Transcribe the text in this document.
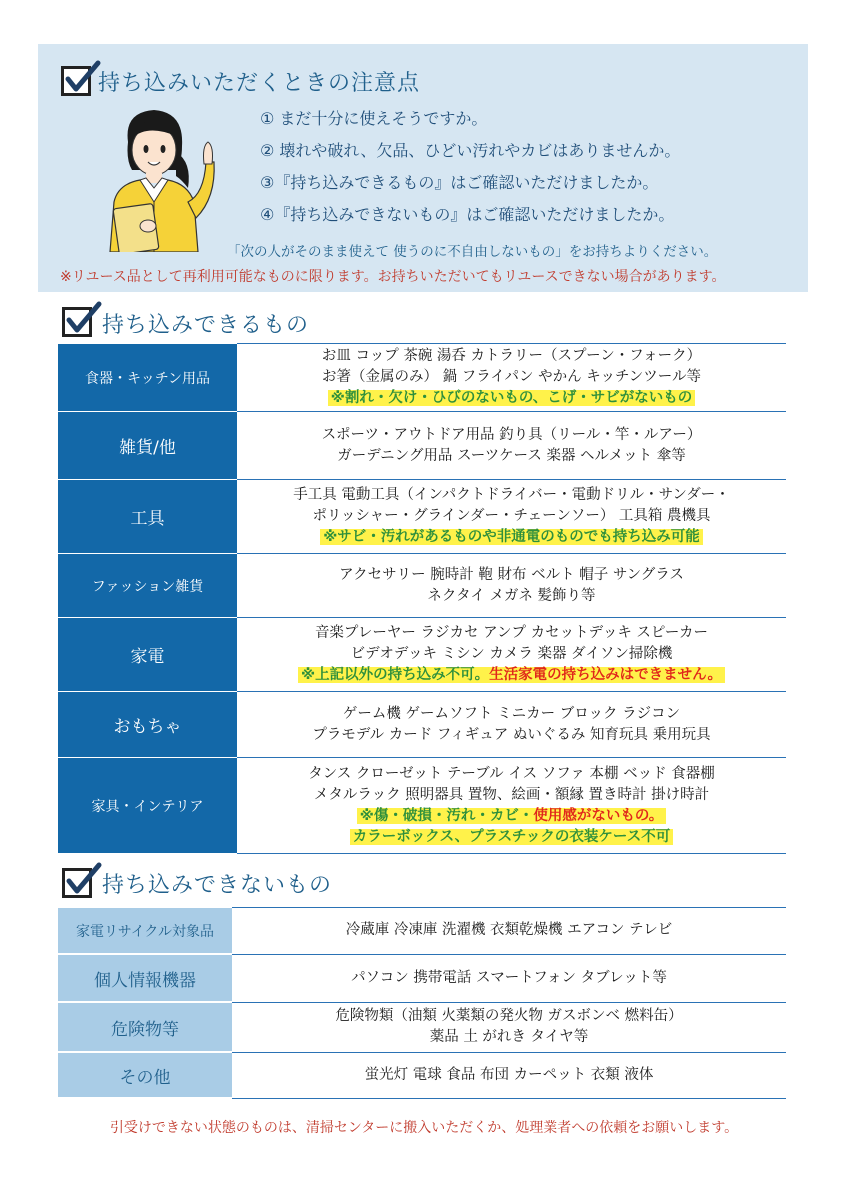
持ち込みいただくときの注意点
① まだ十分に使えそうですか。
② 壊れや破れ、欠品、ひどい汚れやカビはありませんか。
③『持ち込みできるもの』はご確認いただけましたか。
④『持ち込みできないもの』はご確認いただけましたか。
「次の人がそのまま使えて 使うのに不自由しないもの」をお持ちよりください。
※リユース品として再利用可能なものに限ります。お持ちいただいてもリユースできない場合があります。
持ち込みできるもの
食器・キッチン用品	お皿 コップ 茶碗 湯呑 カトラリー（スプーン・フォーク）
お箸（金属のみ） 鍋 フライパン やかん キッチンツール等
※割れ・欠け・ひびのないもの、こげ・サビがないもの

雑貨/他	スポーツ・アウトドア用品 釣り具（リール・竿・ルアー）
ガーデニング用品 スーツケース 楽器 ヘルメット 傘等

工具	手工具 電動工具（インパクトドライバー・電動ドリル・サンダー・
ポリッシャー・グラインダー・チェーンソー） 工具箱 農機具
※サビ・汚れがあるものや非通電のものでも持ち込み可能

ファッション雑貨	アクセサリー 腕時計 鞄 財布 ベルト 帽子 サングラス
ネクタイ メガネ 髪飾り等

家電	音楽プレーヤー ラジカセ アンプ カセットデッキ スピーカー
ビデオデッキ ミシン カメラ 楽器 ダイソン掃除機
※上記以外の持ち込み不可。生活家電の持ち込みはできません。

おもちゃ	ゲーム機 ゲームソフト ミニカー ブロック ラジコン
プラモデル カード フィギュア ぬいぐるみ 知育玩具 乗用玩具

家具・インテリア	タンス クローゼット テーブル イス ソファ 本棚 ベッド 食器棚
メタルラック 照明器具 置物、絵画・額縁 置き時計 掛け時計
※傷・破損・汚れ・カビ・使用感がないもの。
カラーボックス、プラスチックの衣装ケース不可
持ち込みできないもの
家電リサイクル対象品	冷蔵庫 冷凍庫 洗濯機 衣類乾燥機 エアコン テレビ

個人情報機器	パソコン 携帯電話 スマートフォン タブレット等

危険物等	危険物類（油類 火薬類の発火物 ガスボンベ 燃料缶）
薬品 土 がれき タイヤ等

その他	蛍光灯 電球 食品 布団 カーペット 衣類 液体
引受けできない状態のものは、清掃センターに搬入いただくか、処理業者への依頼をお願いします。
